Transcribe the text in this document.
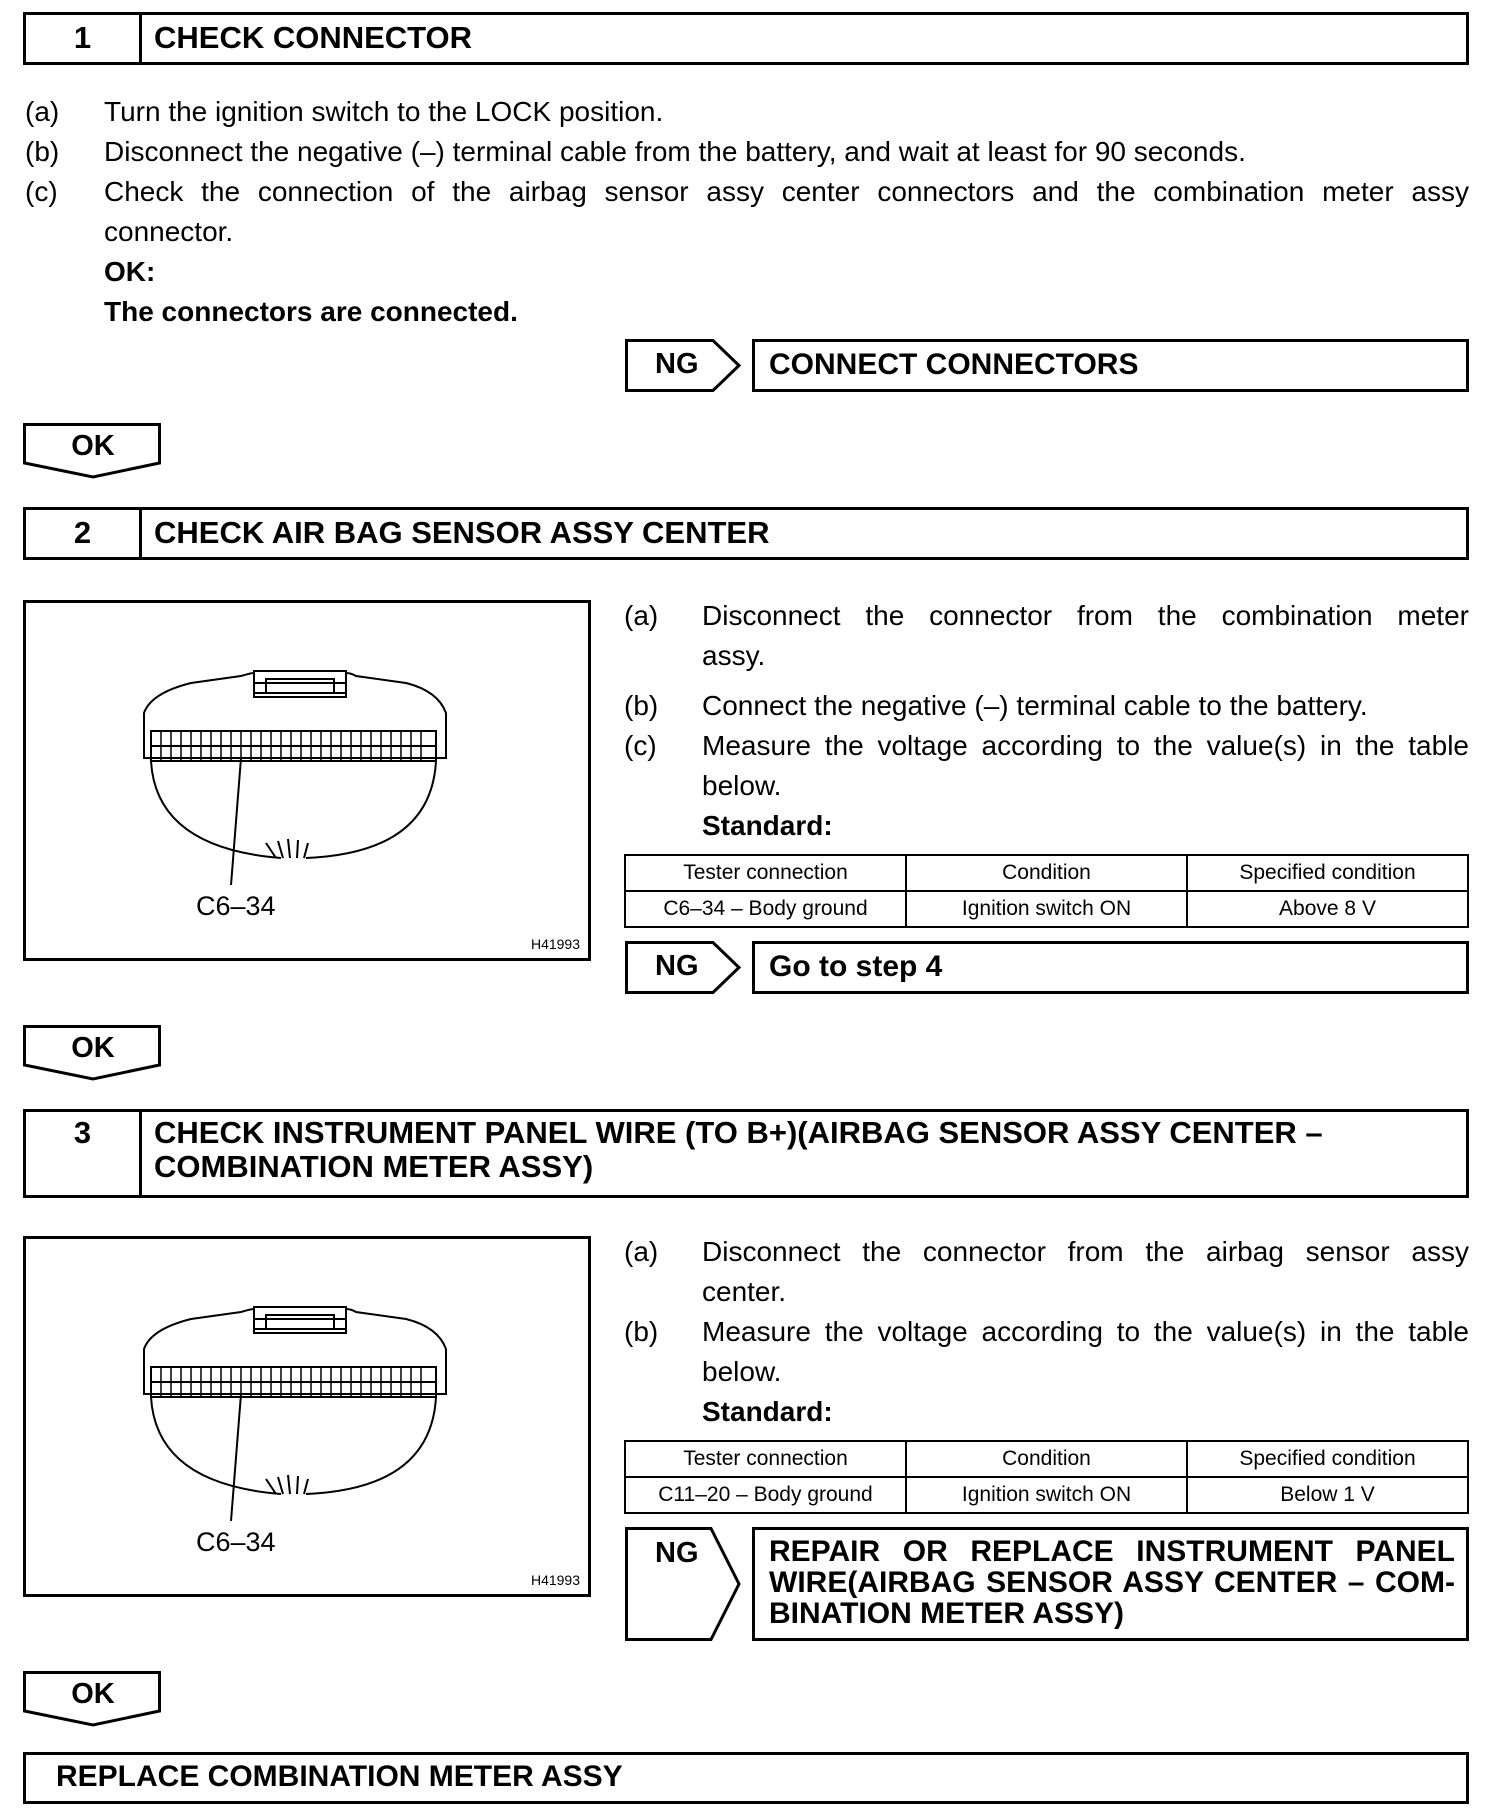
1	CHECK CONNECTOR
(a) Turn the ignition switch to the LOCK position.
(b) Disconnect the negative (–) terminal cable from the battery, and wait at least for 90 seconds.
(c) Check the connection of the airbag sensor assy center connectors and the combination meter assy
connector.
OK:
The connectors are connected.
NG	CONNECT CONNECTORS
OK
2	CHECK AIR BAG SENSOR ASSY CENTER
C6–34
H41993
(a) Disconnect the connector from the combination meter
assy.
(b) Connect the negative (–) terminal cable to the battery.
(c) Measure the voltage according to the value(s) in the table
below.
Standard:
Tester connection	Condition	Specified condition
C6–34 – Body ground	Ignition switch ON	Above 8 V
NG	Go to step 4
OK
3	CHECK INSTRUMENT PANEL WIRE (TO B+)(AIRBAG SENSOR ASSY CENTER –
COMBINATION METER ASSY)
C6–34
H41993
(a) Disconnect the connector from the airbag sensor assy
center.
(b) Measure the voltage according to the value(s) in the table
below.
Standard:
Tester connection	Condition	Specified condition
C11–20 – Body ground	Ignition switch ON	Below 1 V
NG REPAIR OR REPLACE INSTRUMENT PANEL
WIRE(AIRBAG SENSOR ASSY CENTER – COM-
BINATION METER ASSY)
OK
REPLACE COMBINATION METER ASSY
